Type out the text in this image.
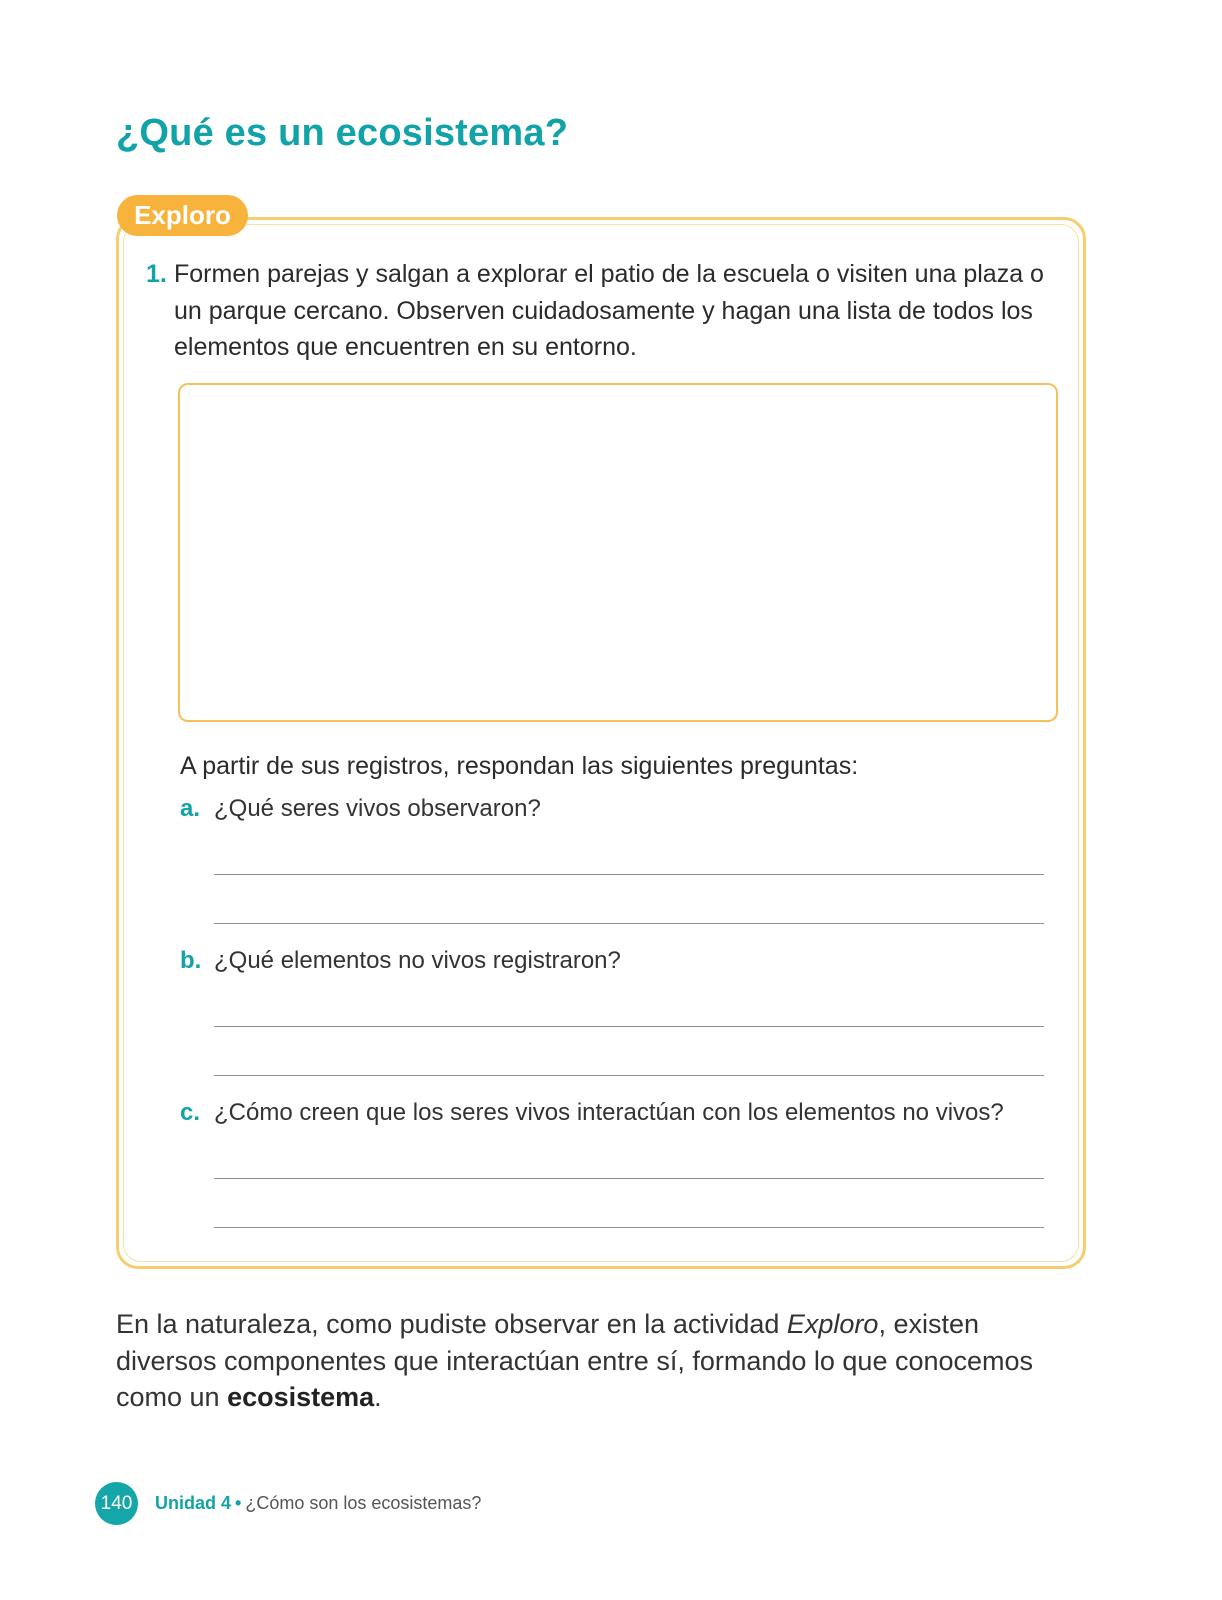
¿Qué es un ecosistema?
Exploro
1. Formen parejas y salgan a explorar el patio de la escuela o visiten una plaza o un parque cercano. Observen cuidadosamente y hagan una lista de todos los elementos que encuentren en su entorno.
A partir de sus registros, respondan las siguientes preguntas:
a. ¿Qué seres vivos observaron?
b. ¿Qué elementos no vivos registraron?
c. ¿Cómo creen que los seres vivos interactúan con los elementos no vivos?

En la naturaleza, como pudiste observar en la actividad Exploro, existen diversos componentes que interactúan entre sí, formando lo que conocemos como un ecosistema.

140	Unidad 4 • ¿Cómo son los ecosistemas?
